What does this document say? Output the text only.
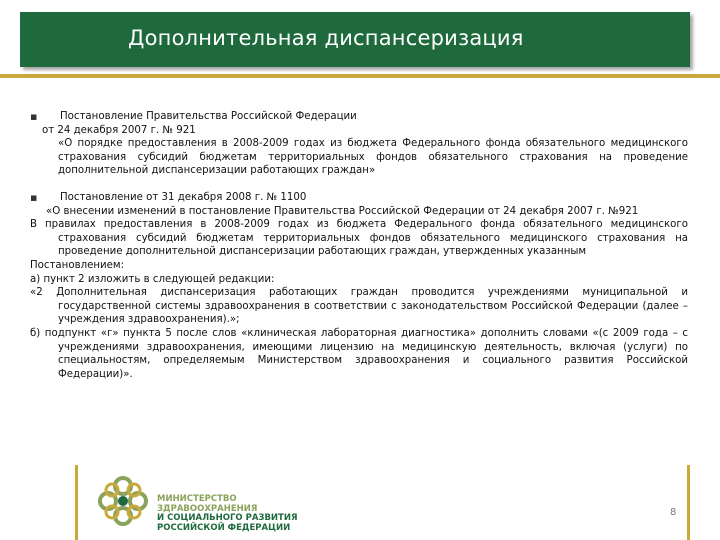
Дополнительная диспансеризация
▪ Постановление Правительства Российской Федерации

от 24 декабря 2007 г. № 921

«О порядке предоставления в 2008-2009 годах из бюджета Федерального фонда обязательного медицинского страхования субсидий бюджетам территориальных фондов обязательного страхования на проведение дополнительной диспансеризации работающих граждан»

▪ Постановление от 31 декабря 2008 г. № 1100

«О внесении изменений в постановление Правительства Российской Федерации от 24 декабря 2007 г. №921

В правилах предоставления в 2008-2009 годах из бюджета Федерального фонда обязательного медицинского страхования субсидий бюджетам территориальных фондов обязательного медицинского страхования на проведение дополнительной диспансеризации работающих граждан, утвержденных указанным

Постановлением:

а) пункт 2 изложить в следующей редакции:

«2 Дополнительная диспансеризация работающих граждан проводится учреждениями муниципальной и государственной системы здравоохранения в соответствии с законодательством Российской Федерации (далее – учреждения здравоохранения).»;

б) подпункт «г» пункта 5 после слов «клиническая лабораторная диагностика» дополнить словами «(с 2009 года – с учреждениями здравоохранения, имеющими лицензию на медицинскую деятельность, включая (услуги) по специальностям, определяемым Министерством здравоохранения и социального развития Российской Федерации)».

МИНИСТЕРСТВО
ЗДРАВООХРАНЕНИЯ
И СОЦИАЛЬНОГО РАЗВИТИЯ
РОССИЙСКОЙ ФЕДЕРАЦИИ
8
